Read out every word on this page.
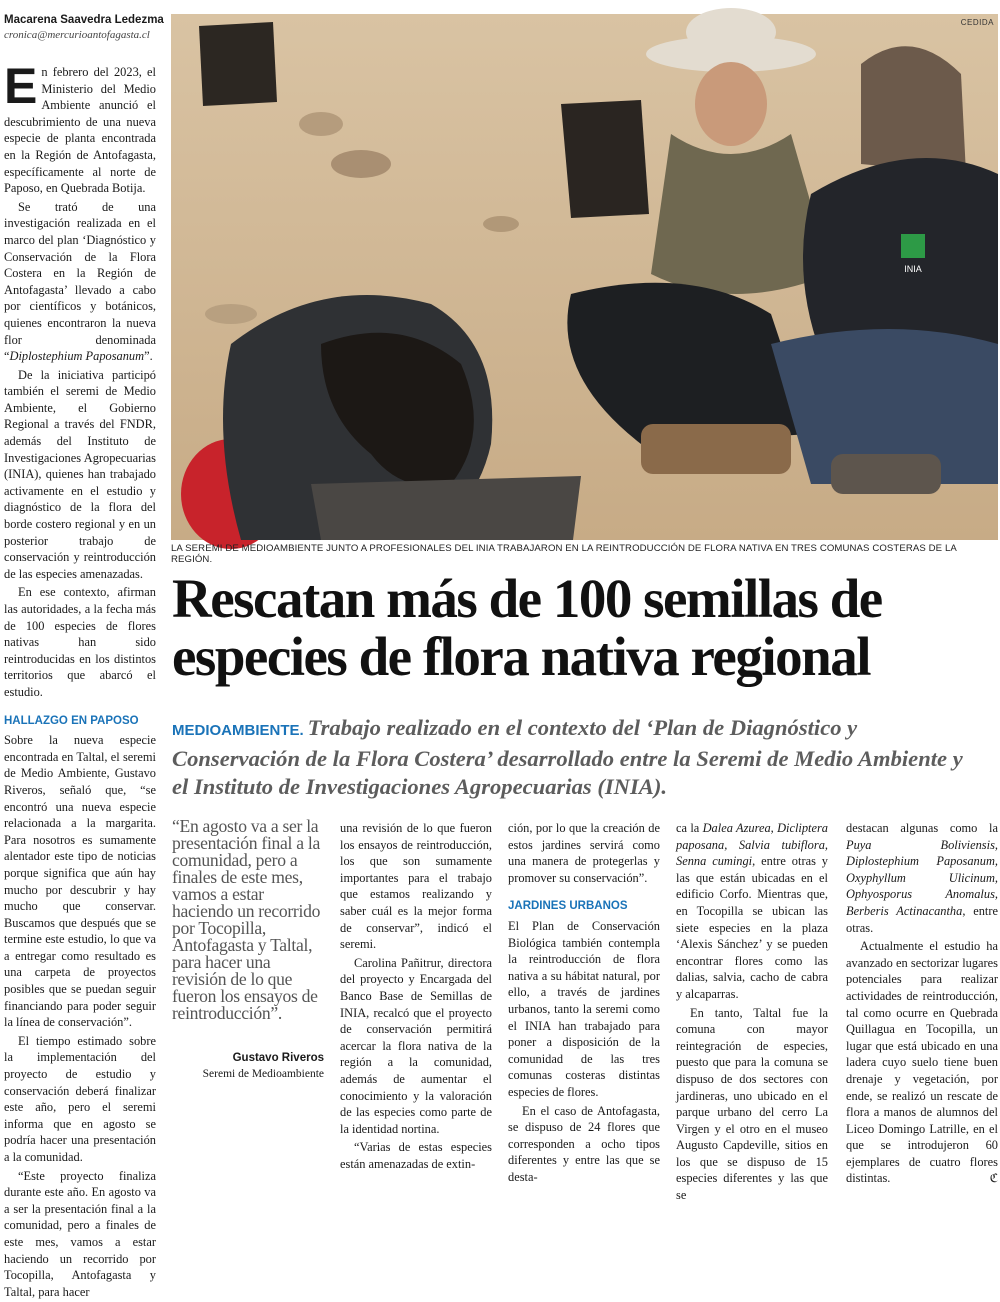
Macarena Saavedra Ledezma
cronica@mercurioantofagasta.cl

En febrero del 2023, el Ministerio del Medio Ambiente anunció el descubrimiento de una nueva especie de planta encontrada en la Región de Antofagasta, específicamente al norte de Paposo, en Quebrada Botija.

Se trató de una investigación realizada en el marco del plan ‘Diagnóstico y Conservación de la Flora Costera en la Región de Antofagasta’ llevado a cabo por científicos y botánicos, quienes encontraron la nueva flor denominada “Diplostephium Paposanum”.

De la iniciativa participó también el seremi de Medio Ambiente, el Gobierno Regional a través del FNDR, además del Instituto de Investigaciones Agropecuarias (INIA), quienes han trabajado activamente en el estudio y diagnóstico de la flora del borde costero regional y en un posterior trabajo de conservación y reintroducción de las especies amenazadas.

En ese contexto, afirman las autoridades, a la fecha más de 100 especies de flores nativas han sido reintroducidas en los distintos territorios que abarcó el estudio.

HALLAZGO EN PAPOSO

Sobre la nueva especie encontrada en Taltal, el seremi de Medio Ambiente, Gustavo Riveros, señaló que, “se encontró una nueva especie relacionada a la margarita. Para nosotros es sumamente alentador este tipo de noticias porque significa que aún hay mucho por descubrir y hay mucho que conservar. Buscamos que después que se termine este estudio, lo que va a entregar como resultado es una carpeta de proyectos posibles que se puedan seguir financiando para poder seguir la línea de conservación”.

El tiempo estimado sobre la implementación del proyecto de estudio y conservación deberá finalizar este año, pero el seremi informa que en agosto se podría hacer una presentación a la comunidad.

“Este proyecto finaliza durante este año. En agosto va a ser la presentación final a la comunidad, pero a finales de este mes, vamos a estar haciendo un recorrido por Tocopilla, Antofagasta y Taltal, para hacer

INIA
CEDIDA
LA SEREMI DE MEDIOAMBIENTE JUNTO A PROFESIONALES DEL INIA TRABAJARON EN LA REINTRODUCCIÓN DE FLORA NATIVA EN TRES COMUNAS COSTERAS DE LA REGIÓN.
Rescatan más de 100 semillas de especies de flora nativa regional
MEDIOAMBIENTE. Trabajo realizado en el contexto del ‘Plan de Diagnóstico y Conservación de la Flora Costera’ desarrollado entre la Seremi de Medio Ambiente y el Instituto de Investigaciones Agropecuarias (INIA).
“En agosto va a ser la presentación final a la comunidad, pero a finales de este mes, vamos a estar haciendo un recorrido por Tocopilla, Antofagasta y Taltal, para hacer una revisión de lo que fueron los ensayos de reintroducción”.
Gustavo Riveros
Seremi de Medioambiente

una revisión de lo que fueron los ensayos de reintroducción, los que son sumamente importantes para el trabajo que estamos realizando y saber cuál es la mejor forma de conservar”, indicó el seremi.

Carolina Pañitrur, directora del proyecto y Encargada del Banco Base de Semillas de INIA, recalcó que el proyecto de conservación permitirá acercar la flora nativa de la región a la comunidad, además de aumentar el conocimiento y la valoración de las especies como parte de la identidad nortina.

“Varias de estas especies están amenazadas de extin-

ción, por lo que la creación de estos jardines servirá como una manera de protegerlas y promover su conservación”.

JARDINES URBANOS

El Plan de Conservación Biológica también contempla la reintroducción de flora nativa a su hábitat natural, por ello, a través de jardines urbanos, tanto la seremi como el INIA han trabajado para poner a disposición de la comunidad de las tres comunas costeras distintas especies de flores.

En el caso de Antofagasta, se dispuso de 24 flores que corresponden a ocho tipos diferentes y entre las que se desta-

ca la Dalea Azurea, Dicliptera paposana, Salvia tubiflora, Senna cumingi, entre otras y las que están ubicadas en el edificio Corfo. Mientras que, en Tocopilla se ubican las siete especies en la plaza ‘Alexis Sánchez’ y se pueden encontrar flores como las dalias, salvia, cacho de cabra y alcaparras.

En tanto, Taltal fue la comuna con mayor reintegración de especies, puesto que para la comuna se dispuso de dos sectores con jardineras, uno ubicado en el parque urbano del cerro La Virgen y el otro en el museo Augusto Capdeville, sitios en los que se dispuso de 15 especies diferentes y las que se

destacan algunas como la Puya Boliviensis, Diplostephium Paposanum, Oxyphyllum Ulicinum, Ophyosporus Anomalus, Berberis Actinacantha, entre otras.

Actualmente el estudio ha avanzado en sectorizar lugares potenciales para realizar actividades de reintroducción, tal como ocurre en Quebrada Quillagua en Tocopilla, un lugar que está ubicado en una ladera cuyo suelo tiene buen drenaje y vegetación, por ende, se realizó un rescate de flora a manos de alumnos del Liceo Domingo Latrille, en el que se introdujeron 60 ejemplares de cuatro flores distintas.	ℭ
